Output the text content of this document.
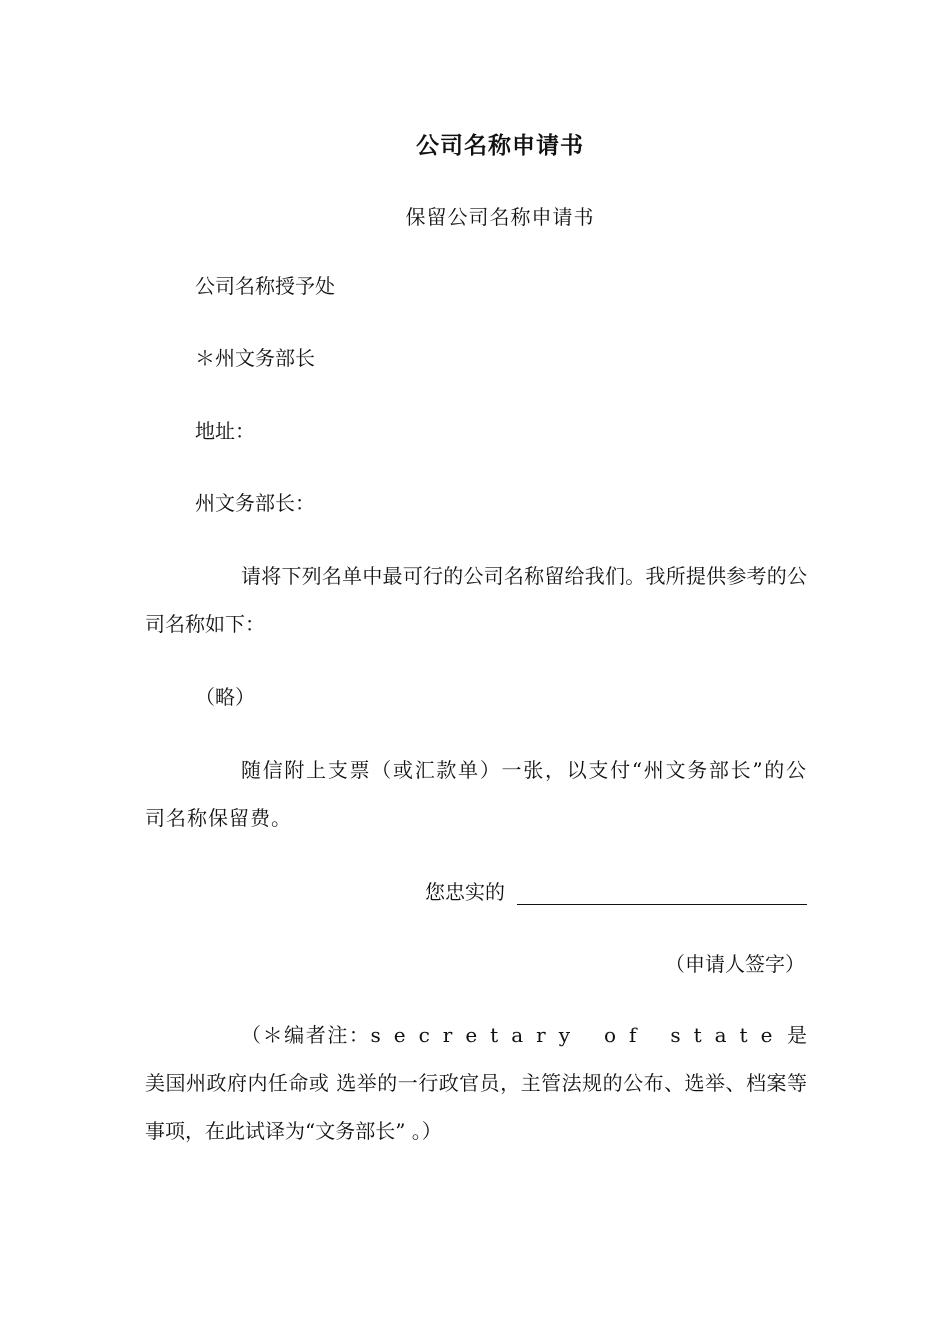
公司名称申请书
保留公司名称申请书
公司名称授予处
＊州文务部长
地址：
州文务部长：
请将下列名单中最可行的公司名称留给我们。我所提供参考的公司名称如下：
（略）
随信附上支票（或汇款单）一张，以支付“州文务部长”的公司名称保留费。
您忠实的
（申请人签字）
（＊编者注：secretary of state是美国州政府内任命或 选举的一行政官员，主管法规的公布、选举、档案等事项，在此试译为“文务部长” 。）
